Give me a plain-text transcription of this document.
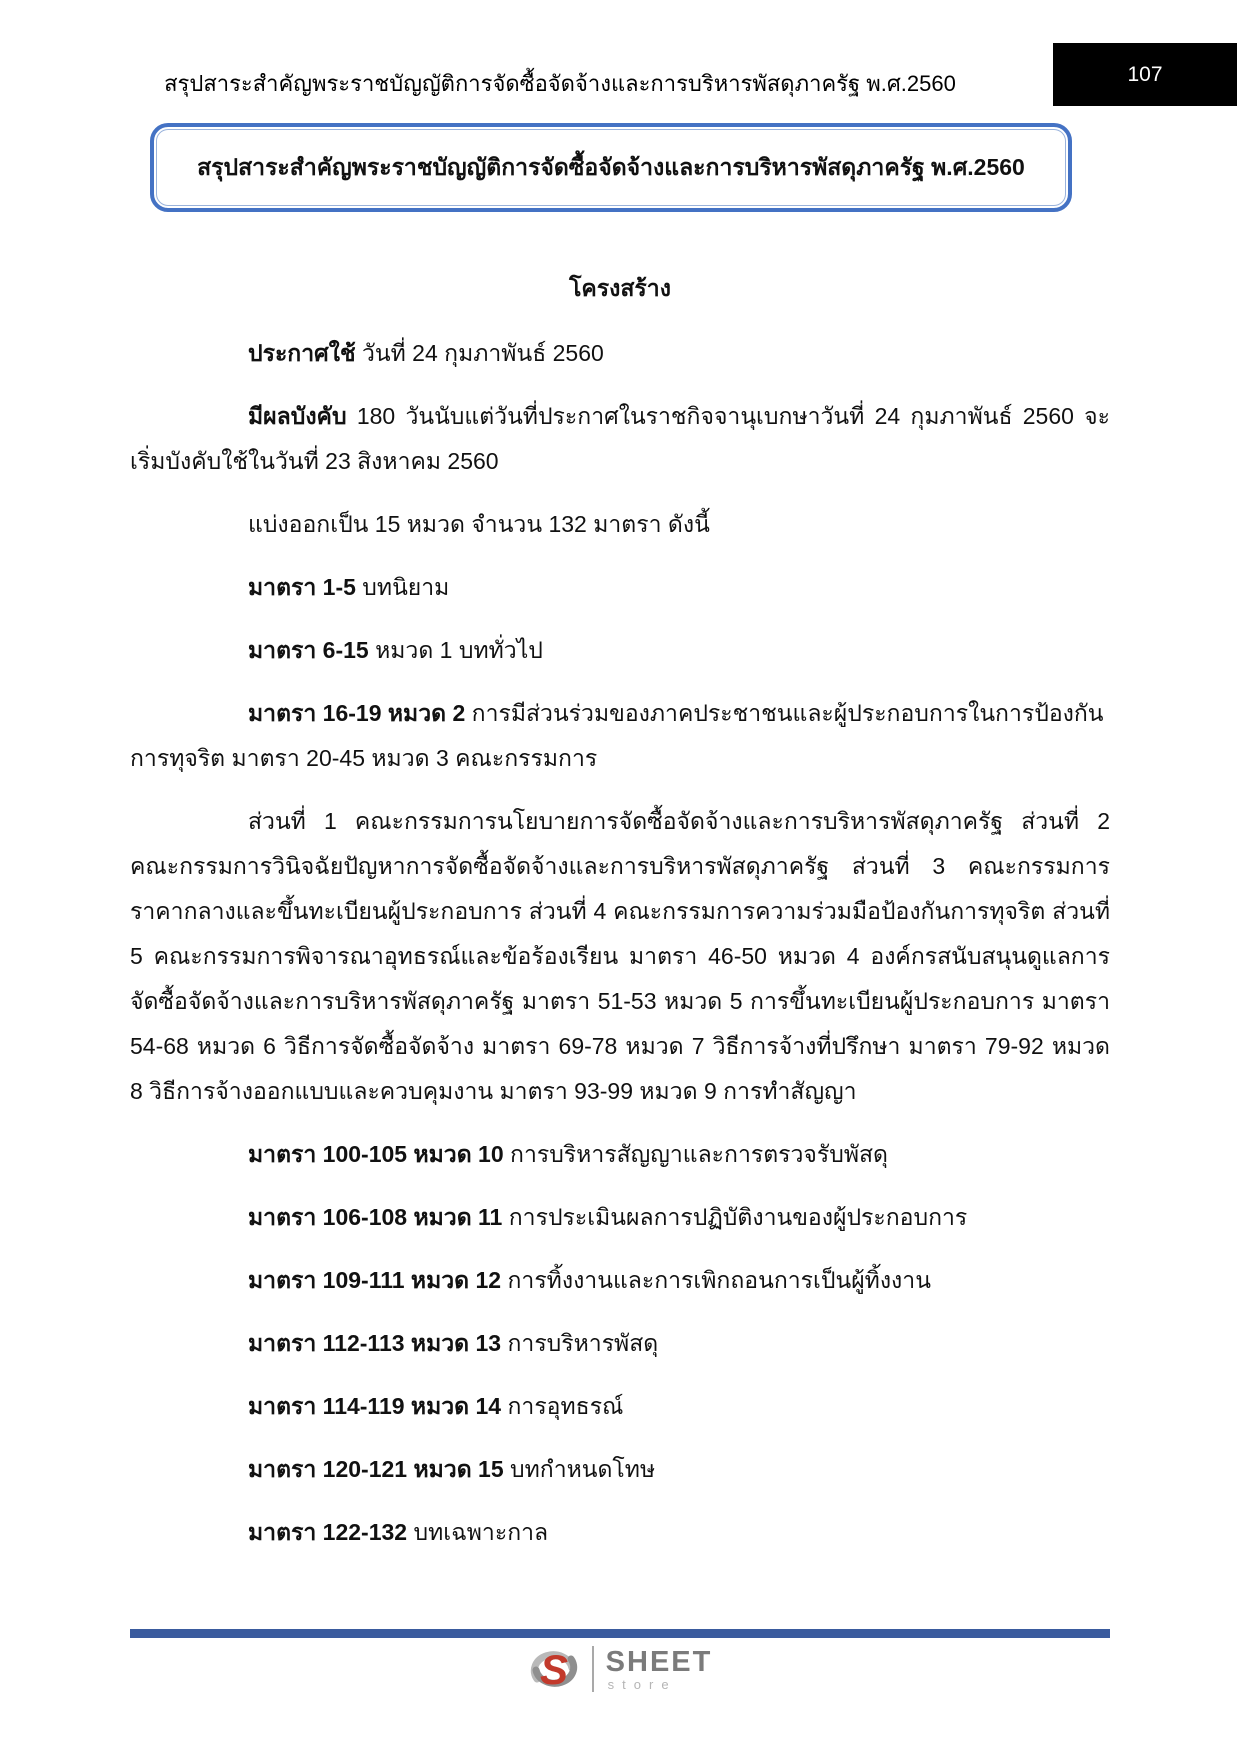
สรุปสาระสำคัญพระราชบัญญัติการจัดซื้อจัดจ้างและการบริหารพัสดุภาครัฐ พ.ศ.2560	107
สรุปสาระสำคัญพระราชบัญญัติการจัดซื้อจัดจ้างและการบริหารพัสดุภาครัฐ พ.ศ.2560
โครงสร้าง

ประกาศใช้ วันที่ 24 กุมภาพันธ์ 2560

มีผลบังคับ 180 วันนับแต่วันที่ประกาศในราชกิจจานุเบกษาวันที่ 24 กุมภาพันธ์ 2560 จะเริ่มบังคับใช้ในวันที่ 23 สิงหาคม 2560

แบ่งออกเป็น 15 หมวด จำนวน 132 มาตรา ดังนี้

มาตรา 1-5 บทนิยาม

มาตรา 6-15 หมวด 1 บททั่วไป

มาตรา 16-19 หมวด 2 การมีส่วนร่วมของภาคประชาชนและผู้ประกอบการในการป้องกันการทุจริต มาตรา 20-45 หมวด 3 คณะกรรมการ

ส่วนที่ 1 คณะกรรมการนโยบายการจัดซื้อจัดจ้างและการบริหารพัสดุภาครัฐ ส่วนที่ 2 คณะกรรมการวินิจฉัยปัญหาการจัดซื้อจัดจ้างและการบริหารพัสดุภาครัฐ ส่วนที่ 3 คณะกรรมการราคากลางและขึ้นทะเบียนผู้ประกอบการ ส่วนที่ 4 คณะกรรมการความร่วมมือป้องกันการทุจริต ส่วนที่ 5 คณะกรรมการพิจารณาอุทธรณ์และข้อร้องเรียน มาตรา 46-50 หมวด 4 องค์กรสนับสนุนดูแลการจัดซื้อจัดจ้างและการบริหารพัสดุภาครัฐ มาตรา 51-53 หมวด 5 การขึ้นทะเบียนผู้ประกอบการ มาตรา 54-68 หมวด 6 วิธีการจัดซื้อจัดจ้าง มาตรา 69-78 หมวด 7 วิธีการจ้างที่ปรึกษา มาตรา 79-92 หมวด 8 วิธีการจ้างออกแบบและควบคุมงาน มาตรา 93-99 หมวด 9 การทำสัญญา

มาตรา 100-105 หมวด 10 การบริหารสัญญาและการตรวจรับพัสดุ

มาตรา 106-108 หมวด 11 การประเมินผลการปฏิบัติงานของผู้ประกอบการ

มาตรา 109-111 หมวด 12 การทิ้งงานและการเพิกถอนการเป็นผู้ทิ้งงาน

มาตรา 112-113 หมวด 13 การบริหารพัสดุ

มาตรา 114-119 หมวด 14 การอุทธรณ์

มาตรา 120-121 หมวด 15 บทกำหนดโทษ

มาตรา 122-132 บทเฉพาะกาล

S SHEET
store
